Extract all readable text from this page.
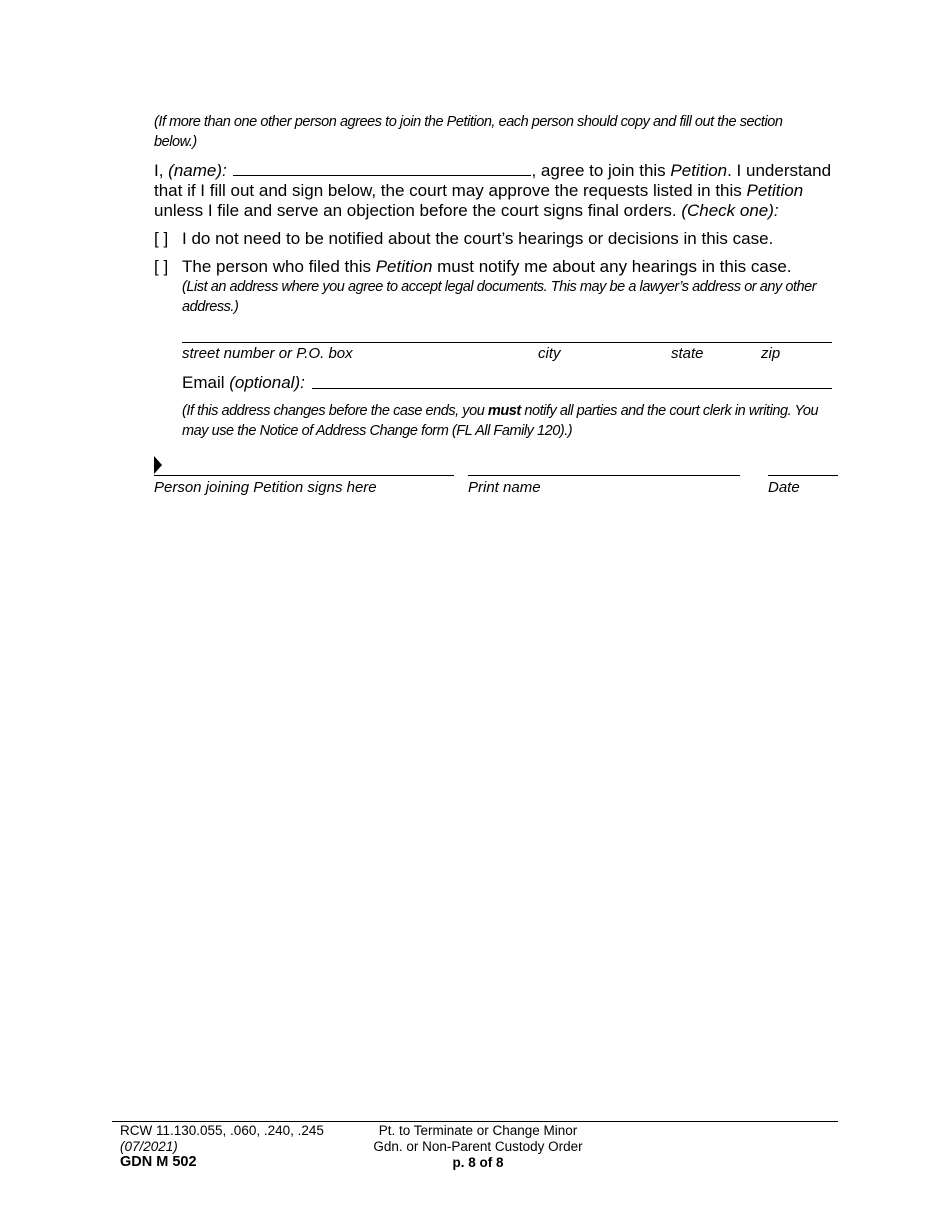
(If more than one other person agrees to join the Petition, each person should copy and fill out the section below.)
I, (name):	, agree to join this Petition. I understand that if I fill out and sign below, the court may approve the requests listed in this Petition unless I file and serve an objection before the court signs final orders. (Check one):
[ ] I do not need to be notified about the court’s hearings or decisions in this case.
[ ] The person who filed this Petition must notify me about any hearings in this case.
(List an address where you agree to accept legal documents. This may be a lawyer’s address or any other address.)
street number or P.O. box	city	state	zip
Email (optional):
(If this address changes before the case ends, you must notify all parties and the court clerk in writing. You may use the Notice of Address Change form (FL All Family 120).)
Person joining Petition signs here	Print name	Date
RCW 11.130.055, .060, .240, .245
(07/2021)
GDN M 502
Pt. to Terminate or Change Minor
Gdn. or Non-Parent Custody Order
p. 8 of 8
